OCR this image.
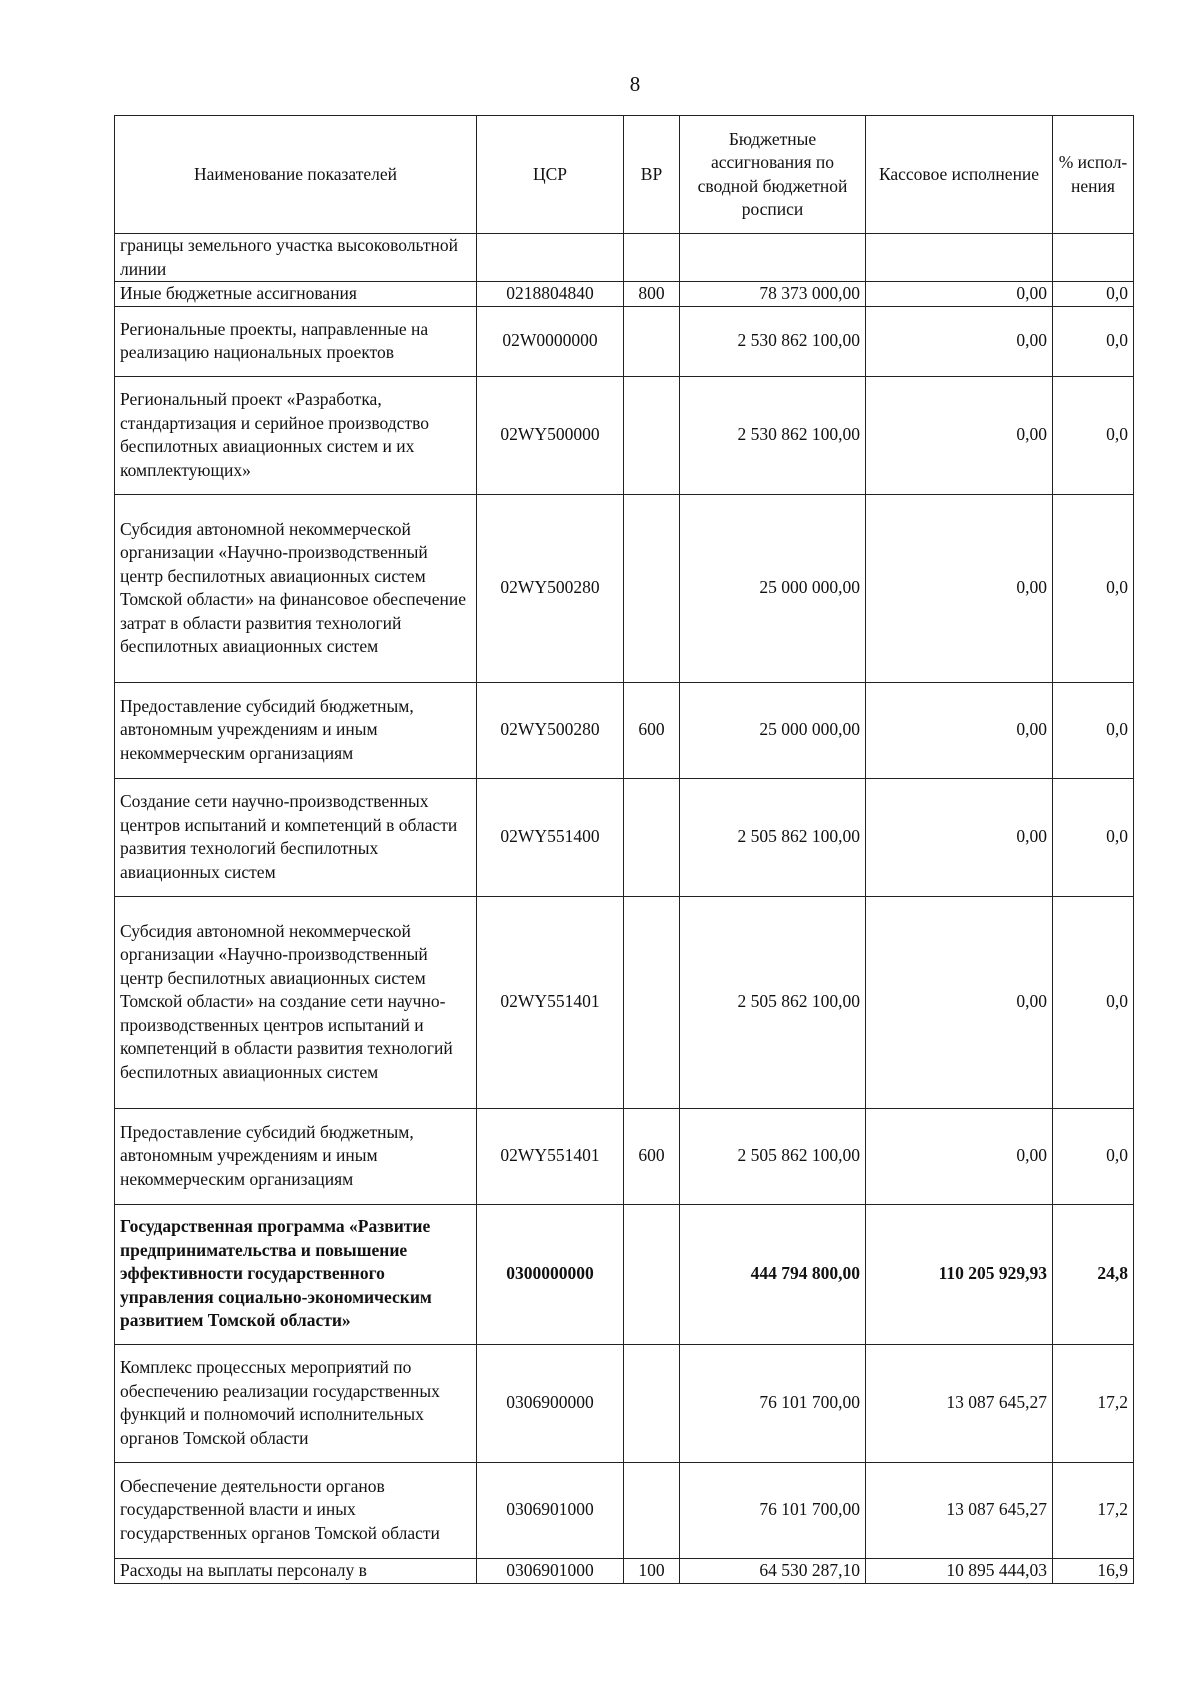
8
Наименование показателей	ЦСР	ВР	Бюджетные ассигнования по сводной бюджетной росписи	Кассовое исполнение	% испол-нения
границы земельного участка высоковольтной линии					
Иные бюджетные ассигнования	0218804840	800	78 373 000,00	0,00	0,0
Региональные проекты, направленные на реализацию национальных проектов	02W0000000		2 530 862 100,00	0,00	0,0
Региональный проект «Разработка, стандартизация и серийное производство беспилотных авиационных систем и их комплектующих»	02WY500000		2 530 862 100,00	0,00	0,0
Субсидия автономной некоммерческой организации «Научно-производственный центр беспилотных авиационных систем Томской области» на финансовое обеспечение затрат в области развития технологий беспилотных авиационных систем	02WY500280		25 000 000,00	0,00	0,0
Предоставление субсидий бюджетным, автономным учреждениям и иным некоммерческим организациям	02WY500280	600	25 000 000,00	0,00	0,0
Создание сети научно-производственных центров испытаний и компетенций в области развития технологий беспилотных авиационных систем	02WY551400		2 505 862 100,00	0,00	0,0
Субсидия автономной некоммерческой организации «Научно-производственный центр беспилотных авиационных систем Томской области» на создание сети научно-производственных центров испытаний и компетенций в области развития технологий беспилотных авиационных систем	02WY551401		2 505 862 100,00	0,00	0,0
Предоставление субсидий бюджетным, автономным учреждениям и иным некоммерческим организациям	02WY551401	600	2 505 862 100,00	0,00	0,0
Государственная программа «Развитие предпринимательства и повышение эффективности государственного управления социально-экономическим развитием Томской области»	0300000000		444 794 800,00	110 205 929,93	24,8
Комплекс процессных мероприятий по обеспечению реализации государственных функций и полномочий исполнительных органов Томской области	0306900000		76 101 700,00	13 087 645,27	17,2
Обеспечение деятельности органов государственной власти и иных государственных органов Томской области	0306901000		76 101 700,00	13 087 645,27	17,2
Расходы на выплаты персоналу в	0306901000	100	64 530 287,10	10 895 444,03	16,9
